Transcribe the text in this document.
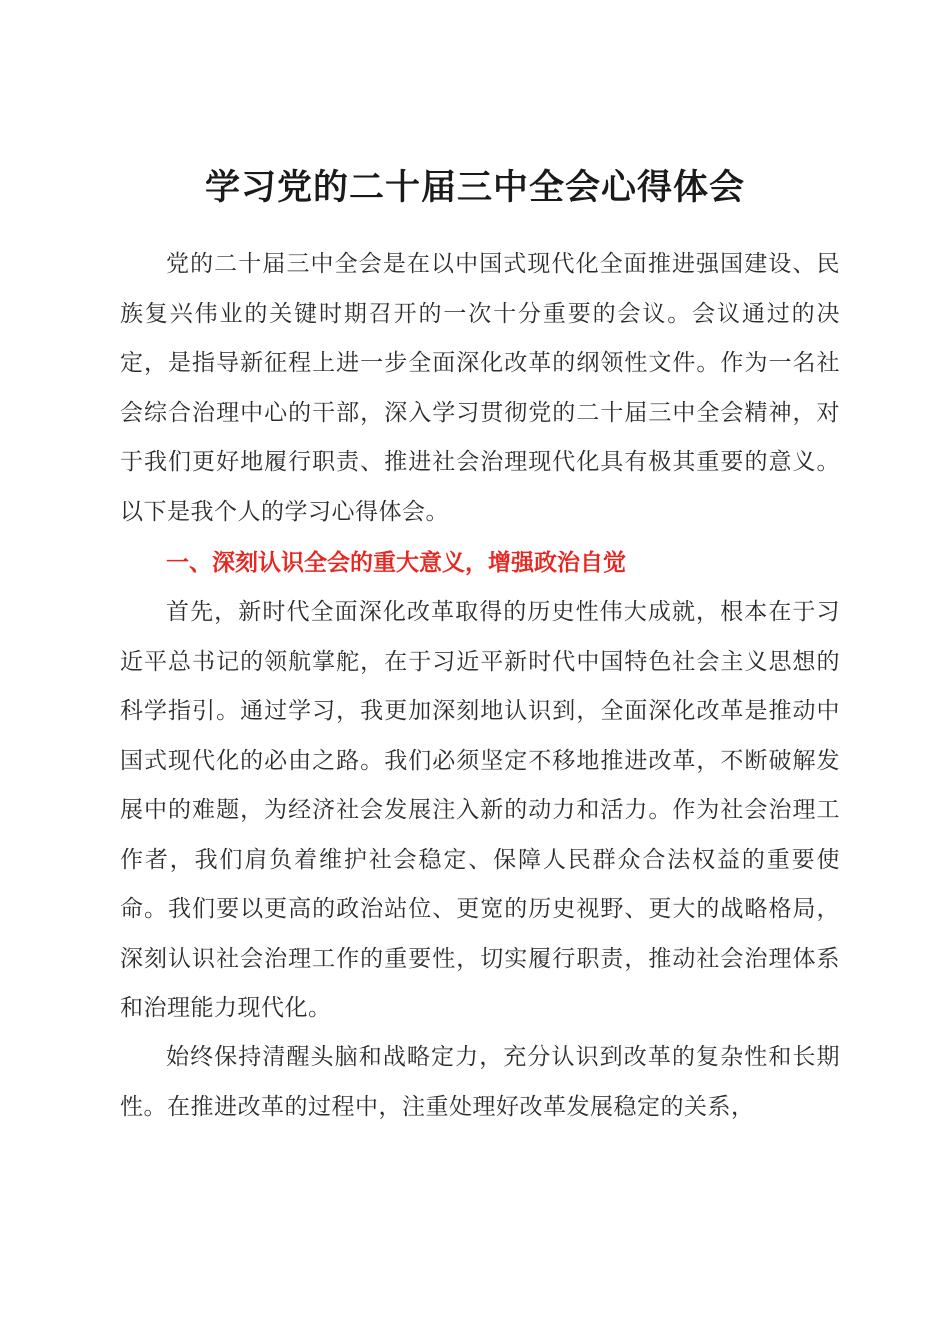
学习党的二十届三中全会心得体会

党的二十届三中全会是在以中国式现代化全面推进强国建设、民族复兴伟业的关键时期召开的一次十分重要的会议。会议通过的决定，是指导新征程上进一步全面深化改革的纲领性文件。作为一名社会综合治理中心的干部，深入学习贯彻党的二十届三中全会精神，对于我们更好地履行职责、推进社会治理现代化具有极其重要的意义。以下是我个人的学习心得体会。

一、深刻认识全会的重大意义，增强政治自觉

首先，新时代全面深化改革取得的历史性伟大成就，根本在于习近平总书记的领航掌舵，在于习近平新时代中国特色社会主义思想的科学指引。通过学习，我更加深刻地认识到，全面深化改革是推动中国式现代化的必由之路。我们必须坚定不移地推进改革，不断破解发展中的难题，为经济社会发展注入新的动力和活力。作为社会治理工作者，我们肩负着维护社会稳定、保障人民群众合法权益的重要使命。我们要以更高的政治站位、更宽的历史视野、更大的战略格局，深刻认识社会治理工作的重要性，切实履行职责，推动社会治理体系和治理能力现代化。

始终保持清醒头脑和战略定力，充分认识到改革的复杂性和长期性。在推进改革的过程中，注重处理好改革发展稳定的关系，
